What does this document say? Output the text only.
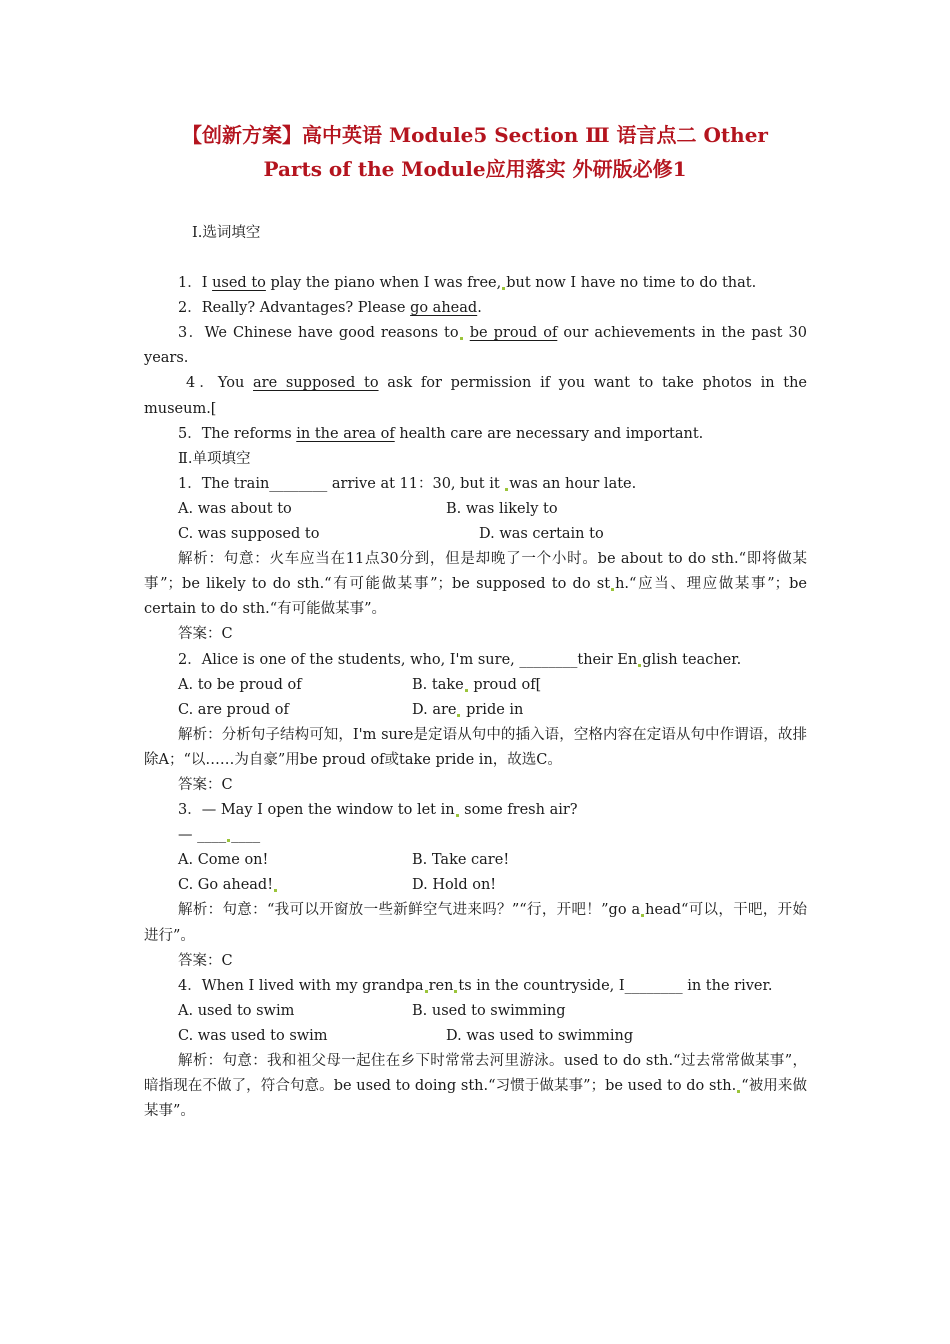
【创新方案】高中英语 Module5 Section Ⅲ 语言点二 Other
Parts of the Module应用落实 外研版必修1

Ⅰ.选词填空

1．I used to play the piano when I was free, but now I have no time to do that.

2．Really? Advantages? Please go ahead.

3．We Chinese have good reasons to be proud of our achievements in the past 30 years.

4．You are supposed to ask for permission if you want to take photos in the museum.[

5．The reforms in the area of health care are necessary and important.

Ⅱ.单项填空

1．The train________ arrive at 11：30, but it was an hour late.

A. was about to	B. was likely to
C. was supposed to	D. was certain to

解析：句意：火车应当在11点30分到，但是却晚了一个小时。be about to do sth.“即将做某事”；be likely to do sth.“有可能做某事”；be supposed to do st h.“应当、理应做某事”；be certain to do sth.“有可能做某事”。

答案：C

2．Alice is one of the students, who, I'm sure, ________their En glish teacher.

A. to be proud of	B. take proud of[
C. are proud of	D. are pride in

解析：分析句子结构可知，I'm sure是定语从句中的插入语，空格内容在定语从句中作谓语，故排除A；“以……为自豪”用be proud of或take pride in，故选C。

答案：C

3．— May I open the window to let in some fresh air?

— ____ ____

A. Come on!	B. Take care!
C. Go ahead!	D. Hold on!

解析：句意：“我可以开窗放一些新鲜空气进来吗？”“行，开吧！”go a head“可以，干吧，开始进行”。

答案：C

4．When I lived with my grandpa ren ts in the countryside, I________ in the river.

A. used to swim	B. used to swimming
C. was used to swim	D. was used to swimming

解析：句意：我和祖父母一起住在乡下时常常去河里游泳。used to do sth.“过去常常做某事”，暗指现在不做了，符合句意。be used to doing sth.“习惯于做某事”；be used to do sth. “被用来做某事”。
